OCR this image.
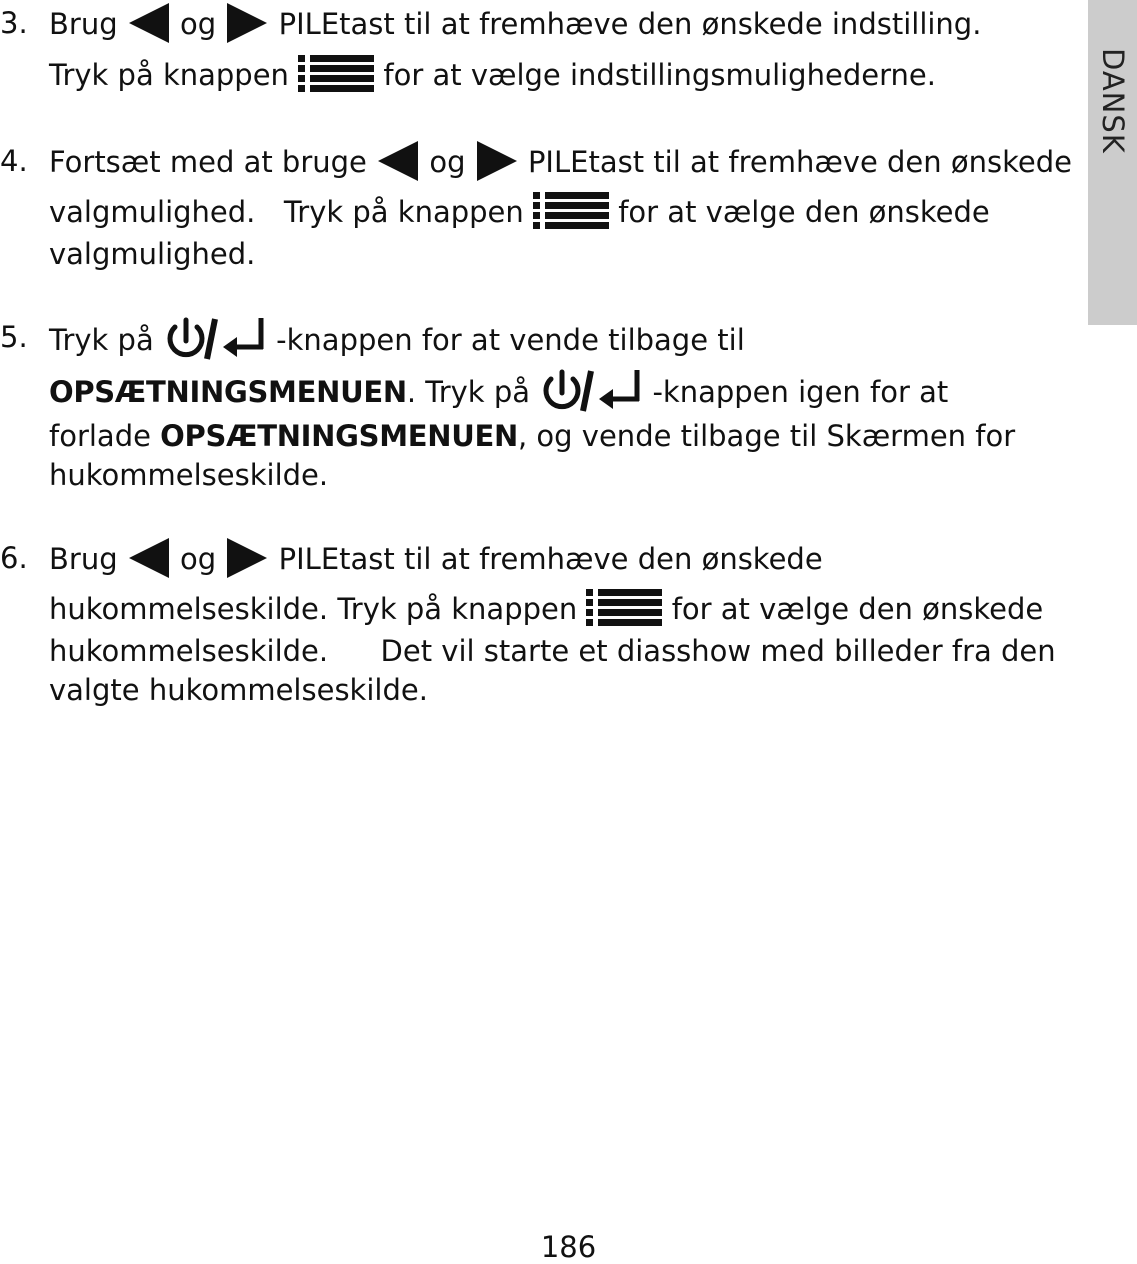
DANSK
3. Brug og PILEtast til at fremhæve den ønskede indstilling.
Tryk på knappen	for at vælge indstillingsmulighederne.
4. Fortsæt med at bruge og PILEtast til at fremhæve den ønskede
valgmulighed. Tryk på knappen	for at vælge den ønskede
valgmulighed.
5. Tryk på	-knappen for at vende tilbage til
OPSÆTNINGSMENUEN. Tryk på	-knappen igen for at
forlade OPSÆTNINGSMENUEN, og vende tilbage til Skærmen for
hukommelseskilde.
6. Brug og PILEtast til at fremhæve den ønskede
hukommelseskilde. Tryk på knappen	for at vælge den ønskede
hukommelseskilde. Det vil starte et diasshow med billeder fra den
valgte hukommelseskilde.
186
